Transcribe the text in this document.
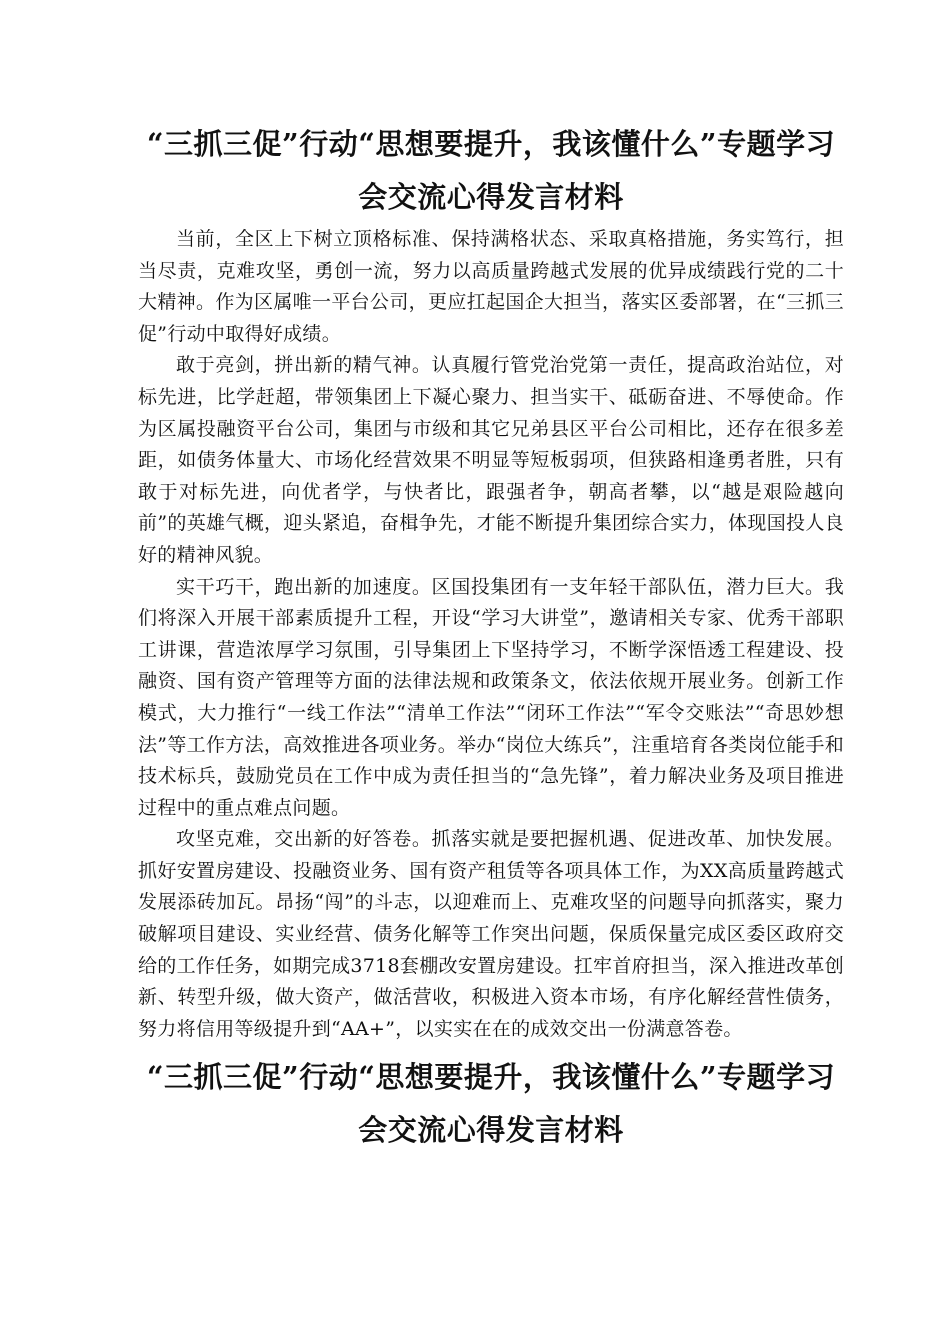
“三抓三促”行动“思想要提升，我该懂什么”专题学习会交流心得发言材料

当前，全区上下树立顶格标准、保持满格状态、采取真格措施，务实笃行，担当尽责，克难攻坚，勇创一流，努力以高质量跨越式发展的优异成绩践行党的二十大精神。作为区属唯一平台公司，更应扛起国企大担当，落实区委部署，在“三抓三促”行动中取得好成绩。

敢于亮剑，拼出新的精气神。认真履行管党治党第一责任，提高政治站位，对标先进，比学赶超，带领集团上下凝心聚力、担当实干、砥砺奋进、不辱使命。作为区属投融资平台公司，集团与市级和其它兄弟县区平台公司相比，还存在很多差距，如债务体量大、市场化经营效果不明显等短板弱项，但狭路相逢勇者胜，只有敢于对标先进，向优者学，与快者比，跟强者争，朝高者攀，以“越是艰险越向前”的英雄气概，迎头紧追，奋楫争先，才能不断提升集团综合实力，体现国投人良好的精神风貌。

实干巧干，跑出新的加速度。区国投集团有一支年轻干部队伍，潜力巨大。我们将深入开展干部素质提升工程，开设“学习大讲堂”，邀请相关专家、优秀干部职工讲课，营造浓厚学习氛围，引导集团上下坚持学习，不断学深悟透工程建设、投融资、国有资产管理等方面的法律法规和政策条文，依法依规开展业务。创新工作模式，大力推行“一线工作法”“清单工作法”“闭环工作法”“军令交账法”“奇思妙想法”等工作方法，高效推进各项业务。举办“岗位大练兵”，注重培育各类岗位能手和技术标兵，鼓励党员在工作中成为责任担当的“急先锋”，着力解决业务及项目推进过程中的重点难点问题。

攻坚克难，交出新的好答卷。抓落实就是要把握机遇、促进改革、加快发展。抓好安置房建设、投融资业务、国有资产租赁等各项具体工作，为XX高质量跨越式发展添砖加瓦。昂扬“闯”的斗志，以迎难而上、克难攻坚的问题导向抓落实，聚力破解项目建设、实业经营、债务化解等工作突出问题，保质保量完成区委区政府交给的工作任务，如期完成3718套棚改安置房建设。扛牢首府担当，深入推进改革创新、转型升级，做大资产，做活营收，积极进入资本市场，有序化解经营性债务，努力将信用等级提升到“AA+”，以实实在在的成效交出一份满意答卷。

“三抓三促”行动“思想要提升，我该懂什么”专题学习会交流心得发言材料
